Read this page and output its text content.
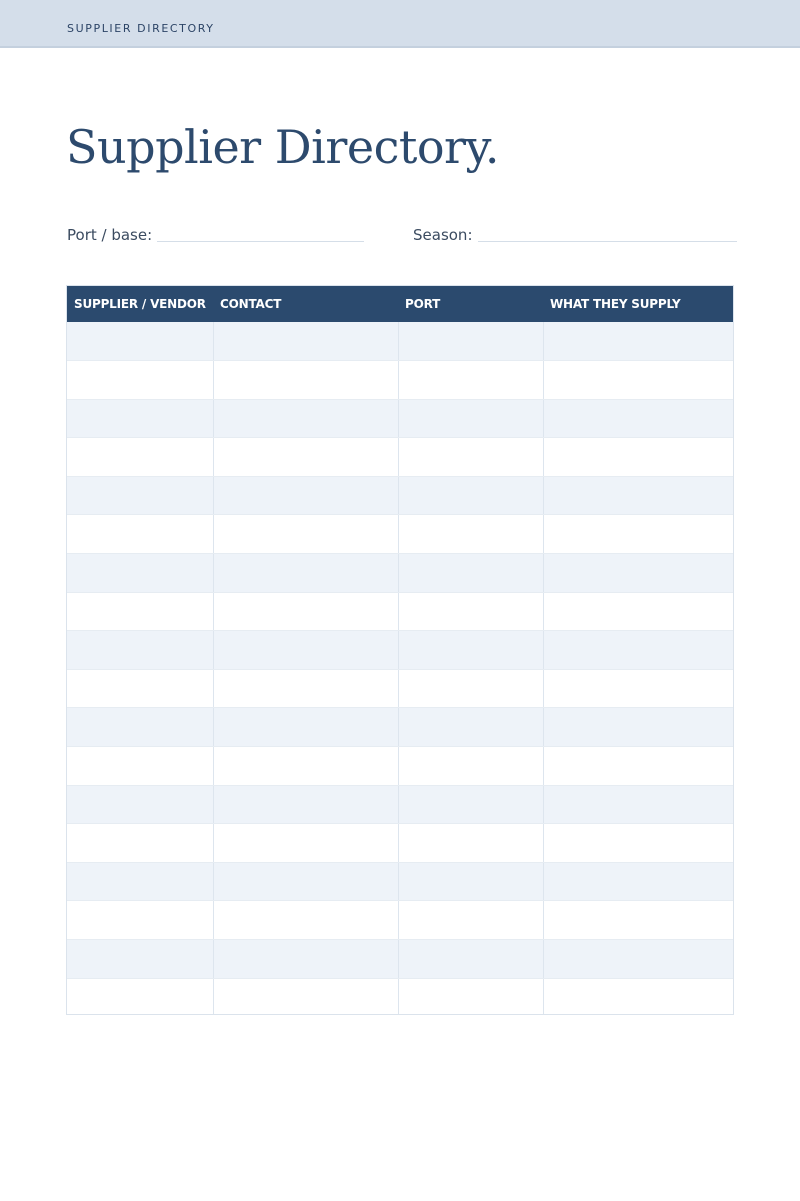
SUPPLIER DIRECTORY
Supplier Directory.
Port / base:	Season:
SUPPLIER / VENDOR	CONTACT	PORT	WHAT THEY SUPPLY
